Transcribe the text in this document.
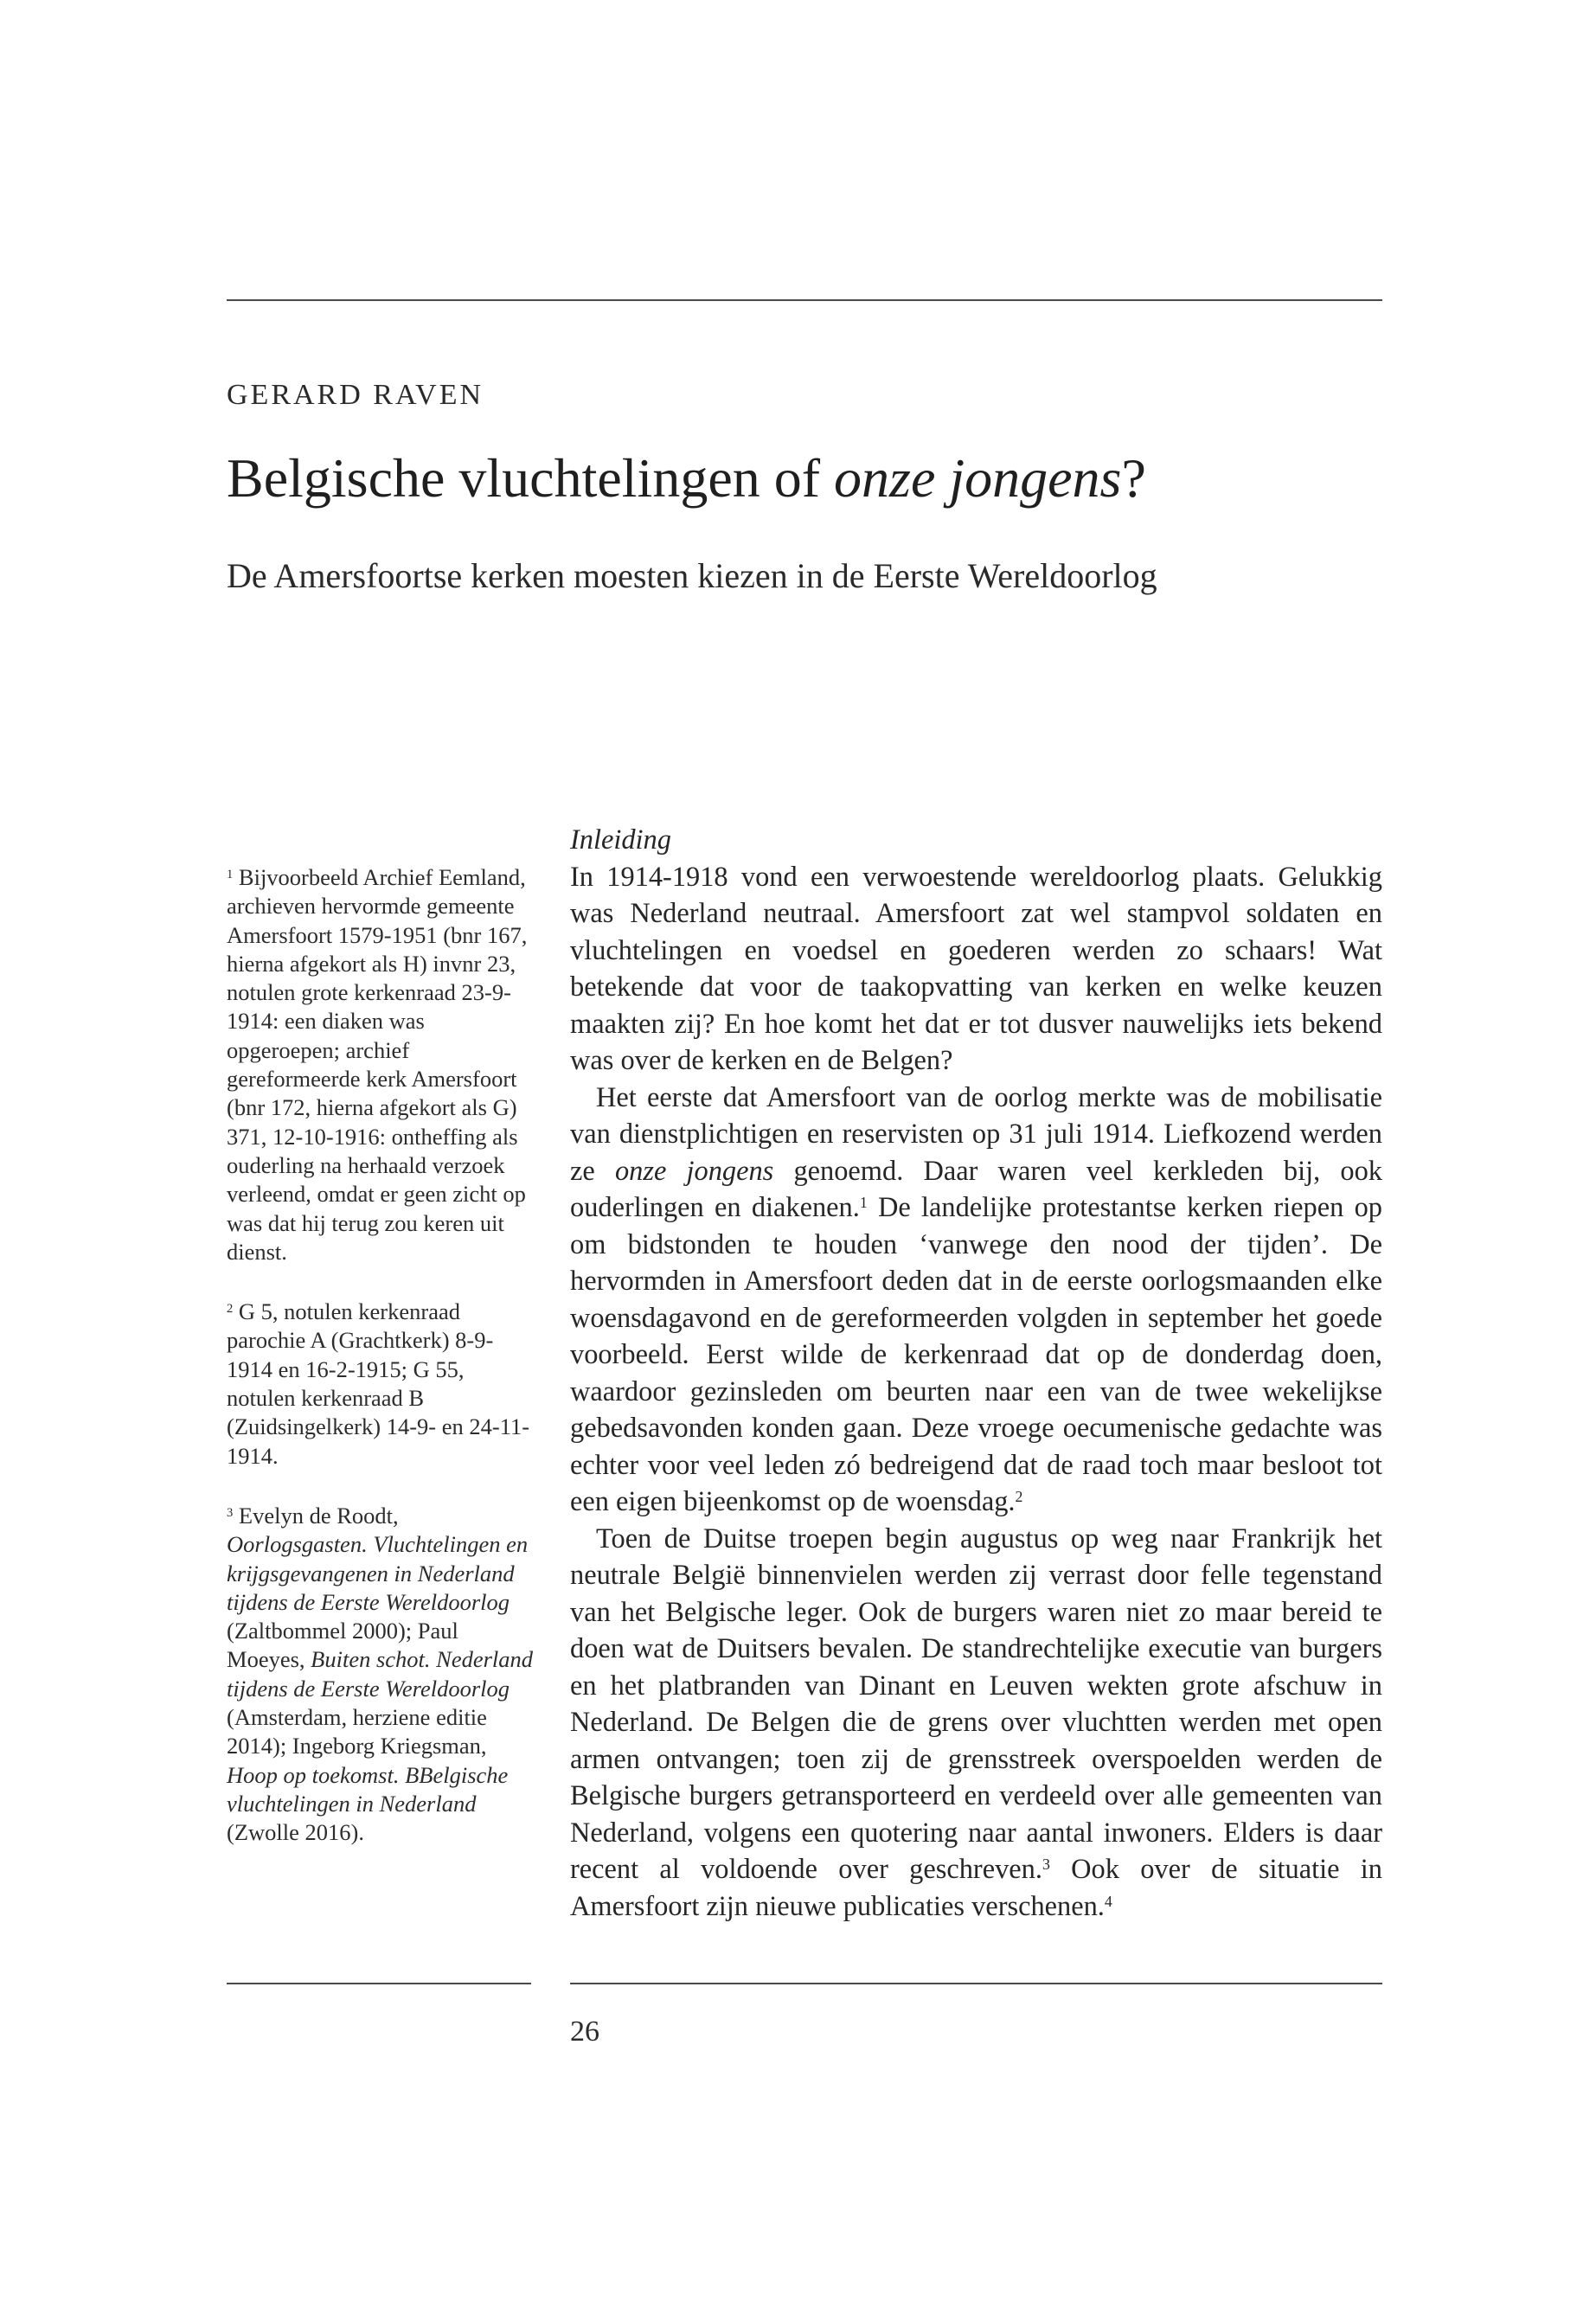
GERARD RAVEN
Belgische vluchtelingen of onze jongens?
De Amersfoortse kerken moesten kiezen in de Eerste Wereldoorlog

$^1$ Bijvoorbeeld Archief Eemland, archieven hervormde gemeente Amersfoort 1579-1951 (bnr 167, hierna afgekort als H) invnr 23, notulen grote kerkenraad 23-9-1914: een diaken was opgeroepen; archief gereformeerde kerk Amersfoort (bnr 172, hierna afgekort als G) 371, 12-10-1916: ontheffing als ouderling na herhaald verzoek verleend, omdat er geen zicht op was dat hij terug zou keren uit dienst.

$^2$ G 5, notulen kerkenraad parochie A (Grachtkerk) 8-9-1914 en 16-2-1915; G 55, notulen kerkenraad B (Zuidsingelkerk) 14-9- en 24-11-1914.

$^3$ Evelyn de Roodt, Oorlogsgasten. Vluchtelingen en krijgsgevangenen in Nederland tijdens de Eerste Wereldoorlog (Zaltbommel 2000); Paul Moeyes, Buiten schot. Nederland tijdens de Eerste Wereldoorlog (Amsterdam, herziene editie 2014); Ingeborg Kriegsman, Hoop op toekomst. BBelgische vluchtelingen in Nederland (Zwolle 2016).

Inleiding

In 1914-1918 vond een verwoestende wereldoorlog plaats. Gelukkig was Nederland neutraal. Amersfoort zat wel stampvol soldaten en vluchtelingen en voedsel en goederen werden zo schaars! Wat betekende dat voor de taakopvatting van kerken en welke keuzen maakten zij? En hoe komt het dat er tot dusver nauwelijks iets bekend was over de kerken en de Belgen?

Het eerste dat Amersfoort van de oorlog merkte was de mobilisatie van dienstplichtigen en reservisten op 31 juli 1914. Liefkozend werden ze onze jongens genoemd. Daar waren veel kerkleden bij, ook ouderlingen en diakenen.$^1$ De landelijke protestantse kerken riepen op om bidstonden te houden ‘vanwege den nood der tijden’. De hervormden in Amersfoort deden dat in de eerste oorlogsmaanden elke woensdagavond en de gereformeerden volgden in september het goede voorbeeld. Eerst wilde de kerkenraad dat op de donderdag doen, waardoor gezinsleden om beurten naar een van de twee wekelijkse gebedsavonden konden gaan. Deze vroege oecumenische gedachte was echter voor veel leden zó bedreigend dat de raad toch maar besloot tot een eigen bijeenkomst op de woensdag.$^2$

Toen de Duitse troepen begin augustus op weg naar Frankrijk het neutrale België binnenvielen werden zij verrast door felle tegenstand van het Belgische leger. Ook de burgers waren niet zo maar bereid te doen wat de Duitsers bevalen. De standrechtelijke executie van burgers en het platbranden van Dinant en Leuven wekten grote afschuw in Nederland. De Belgen die de grens over vluchtten werden met open armen ontvangen; toen zij de grensstreek overspoelden werden de Belgische burgers getransporteerd en verdeeld over alle gemeenten van Nederland, volgens een quotering naar aantal inwoners. Elders is daar recent al voldoende over geschreven.$^3$ Ook over de situatie in Amersfoort zijn nieuwe publicaties verschenen.$^4$

26
